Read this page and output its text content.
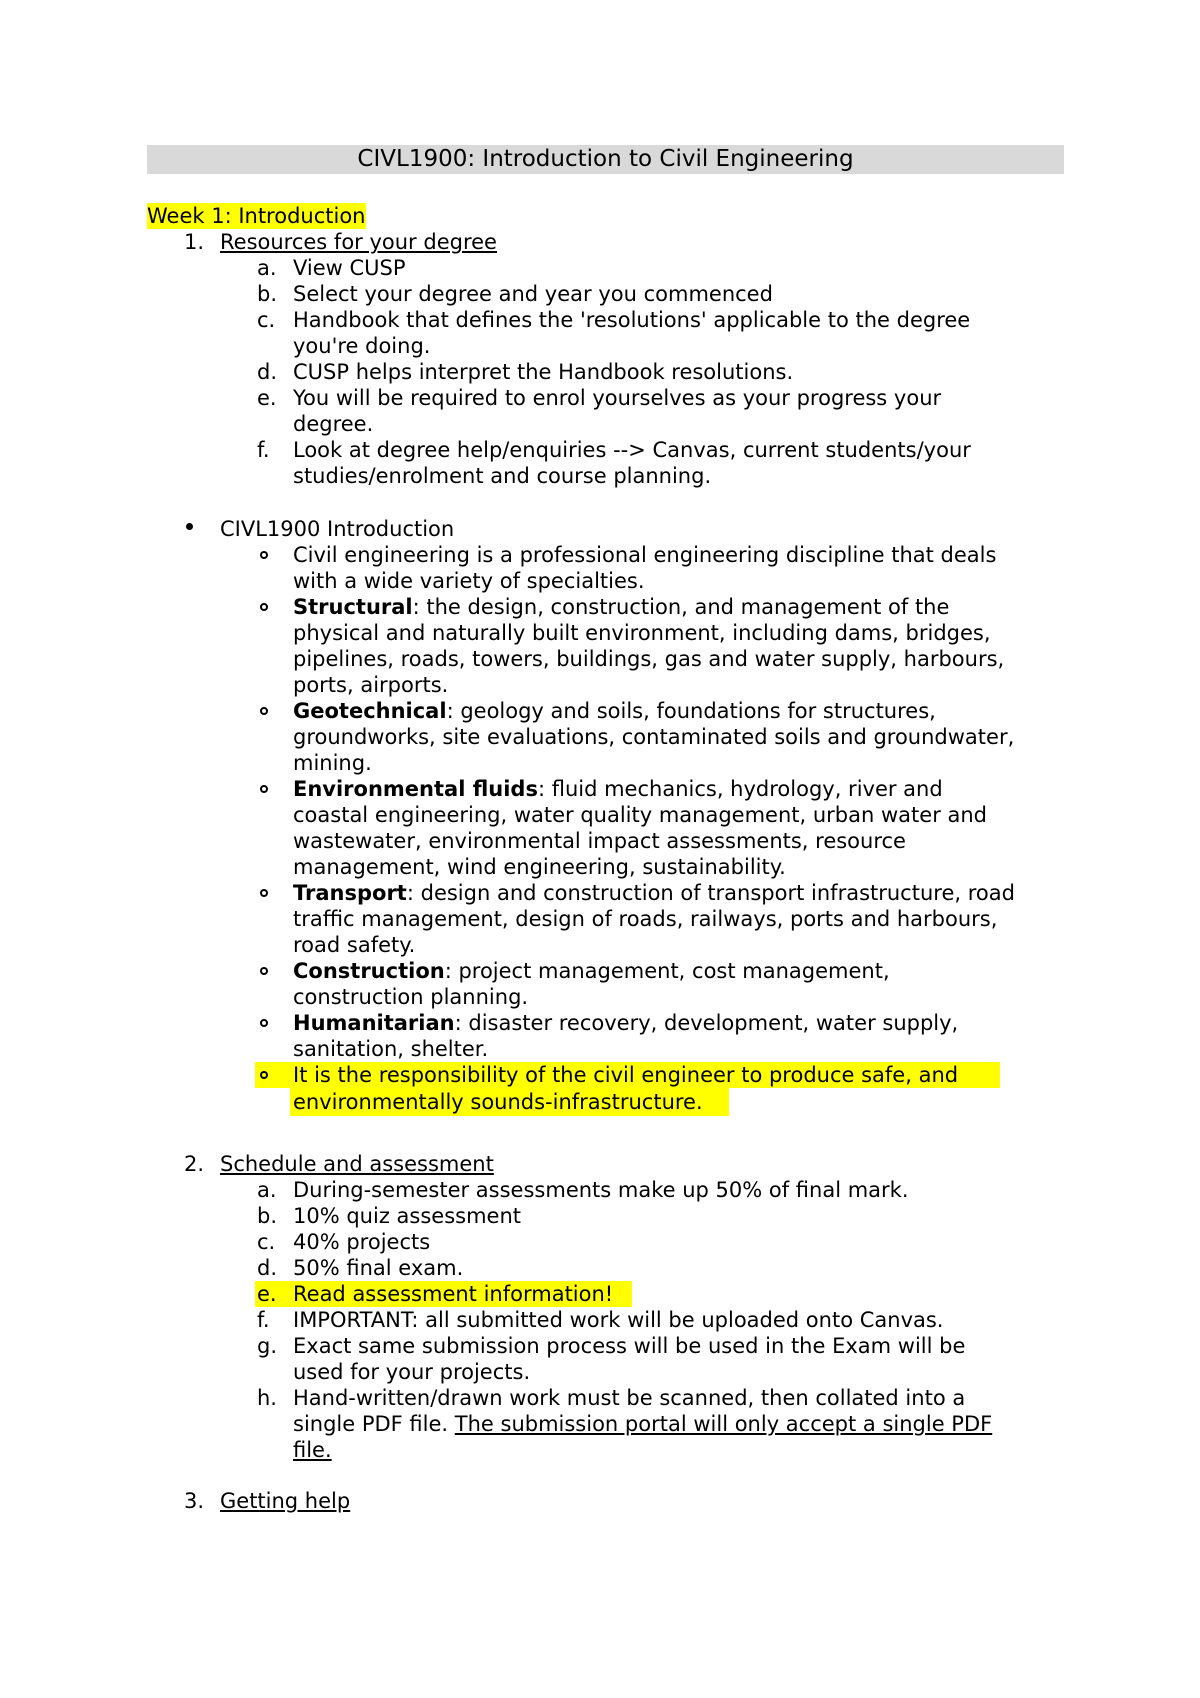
CIVL1900: Introduction to Civil Engineering
Week 1: Introduction
1. Resources for your degree
a. View CUSP
b. Select your degree and year you commenced
c. Handbook that defines the 'resolutions' applicable to the degree
you're doing.
d. CUSP helps interpret the Handbook resolutions.
e. You will be required to enrol yourselves as your progress your
degree.
f. Look at degree help/enquiries --> Canvas, current students/your
studies/enrolment and course planning.
CIVL1900 Introduction
Civil engineering is a professional engineering discipline that deals
with a wide variety of specialties.
Structural: the design, construction, and management of the
physical and naturally built environment, including dams, bridges,
pipelines, roads, towers, buildings, gas and water supply, harbours,
ports, airports.
Geotechnical: geology and soils, foundations for structures,
groundworks, site evaluations, contaminated soils and groundwater,
mining.
Environmental fluids: fluid mechanics, hydrology, river and
coastal engineering, water quality management, urban water and
wastewater, environmental impact assessments, resource
management, wind engineering, sustainability.
Transport: design and construction of transport infrastructure, road
traffic management, design of roads, railways, ports and harbours,
road safety.
Construction: project management, cost management,
construction planning.
Humanitarian: disaster recovery, development, water supply,
sanitation, shelter.
It is the responsibility of the civil engineer to produce safe, and
environmentally sounds-infrastructure.
2. Schedule and assessment
a. During-semester assessments make up 50% of final mark.
b. 10% quiz assessment
c. 40% projects
d. 50% final exam.
e. Read assessment information!
f. IMPORTANT: all submitted work will be uploaded onto Canvas.
g. Exact same submission process will be used in the Exam will be
used for your projects.
h. Hand-written/drawn work must be scanned, then collated into a
single PDF file. The submission portal will only accept a single PDF
file.
3. Getting help
